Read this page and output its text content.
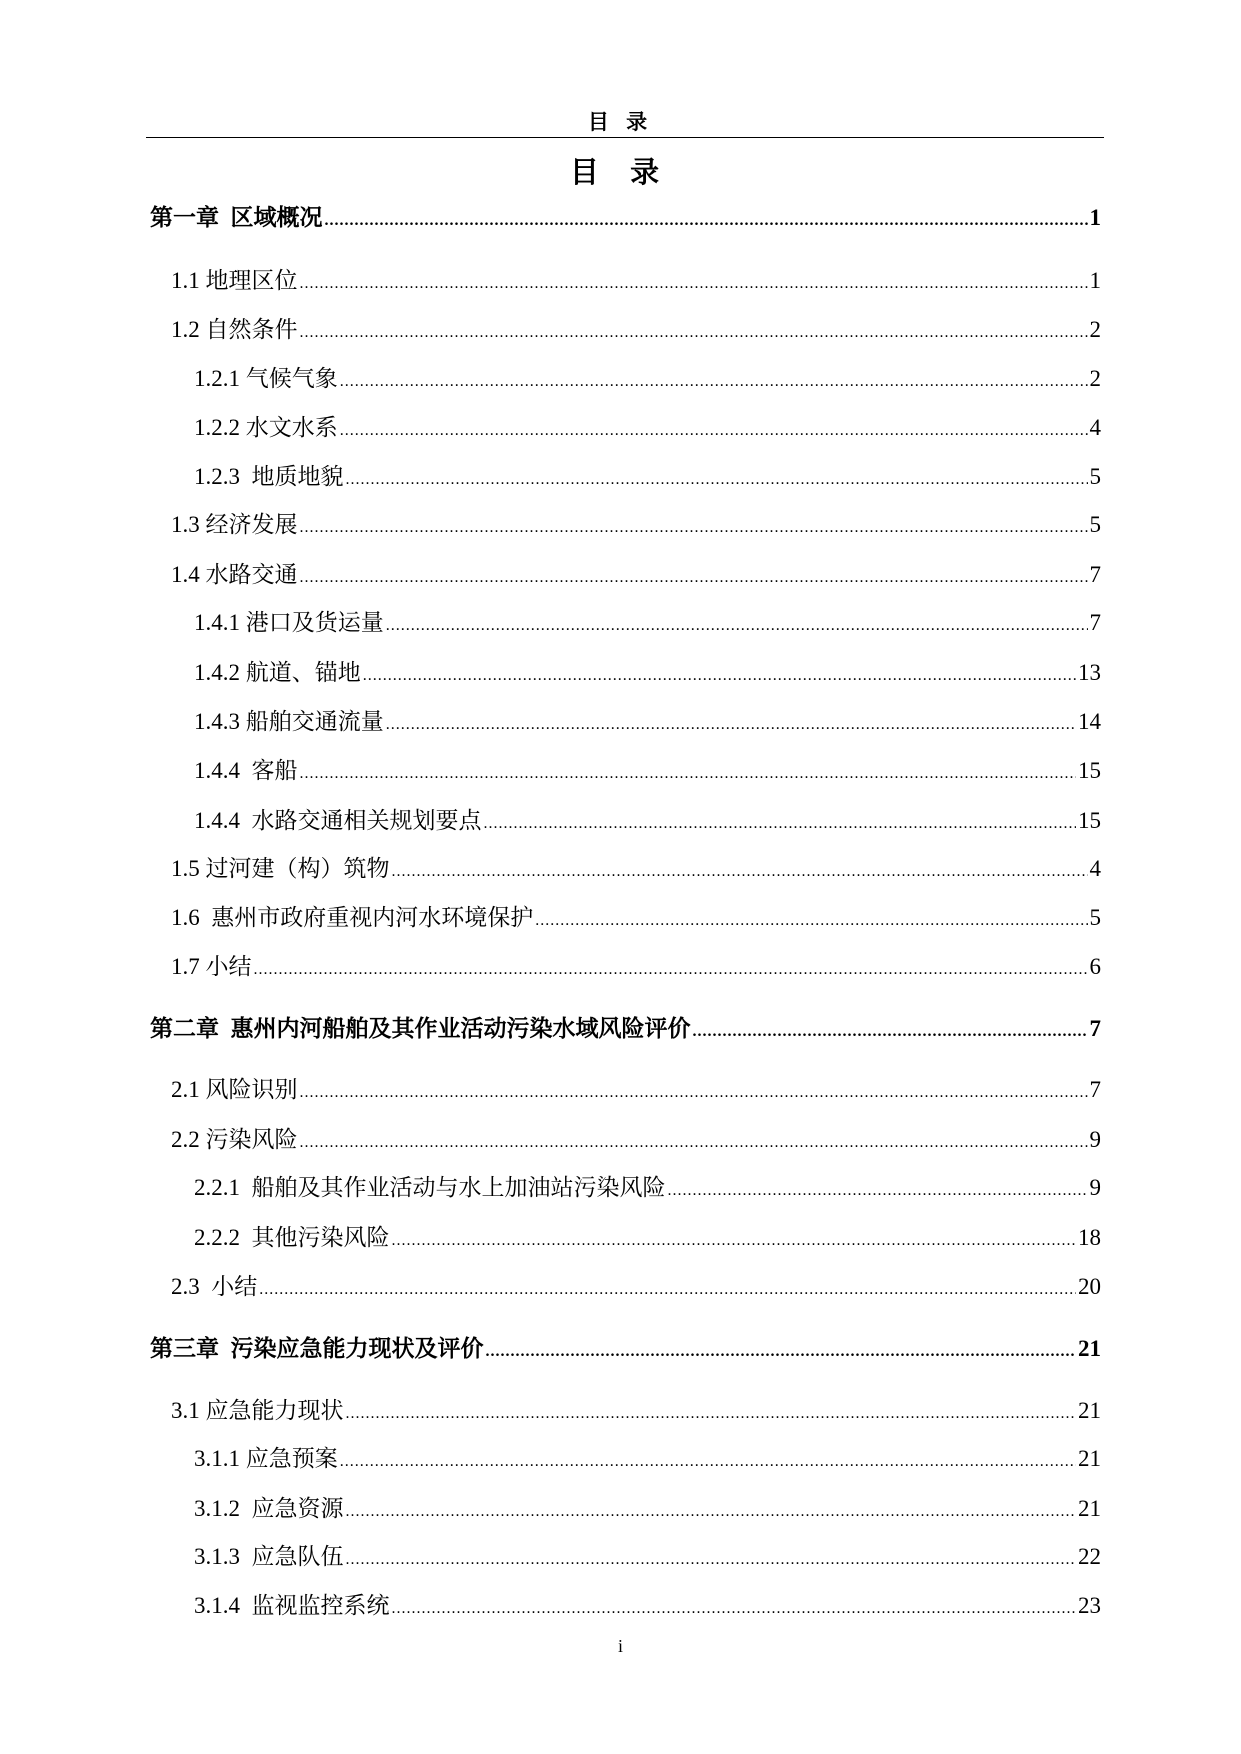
目 录
目 录
第一章  区域概况 .....	1
1.1 地理区位 .....	1
1.2 自然条件 .....	2
1.2.1 气候气象 .....	2
1.2.2 水文水系 .....	4
1.2.3  地质地貌 .....	5
1.3 经济发展 .....	5
1.4 水路交通 .....	7
1.4.1 港口及货运量 .....	7
1.4.2 航道、锚地 .....	13
1.4.3 船舶交通流量 .....	14
1.4.4  客船 .....	15
1.4.4  水路交通相关规划要点 .....	15
1.5 过河建（构）筑物 .....	4
1.6  惠州市政府重视内河水环境保护 .....	5
1.7 小结 .....	6
第二章  惠州内河船舶及其作业活动污染水域风险评价 .....	7
2.1 风险识别 .....	7
2.2 污染风险 .....	9
2.2.1  船舶及其作业活动与水上加油站污染风险 .....	9
2.2.2  其他污染风险 .....	18
2.3  小结 .....	20
第三章  污染应急能力现状及评价 .....	21
3.1 应急能力现状 .....	21
3.1.1 应急预案 .....	21
3.1.2  应急资源 .....	21
3.1.3  应急队伍 .....	22
3.1.4  监视监控系统 .....	23
i
